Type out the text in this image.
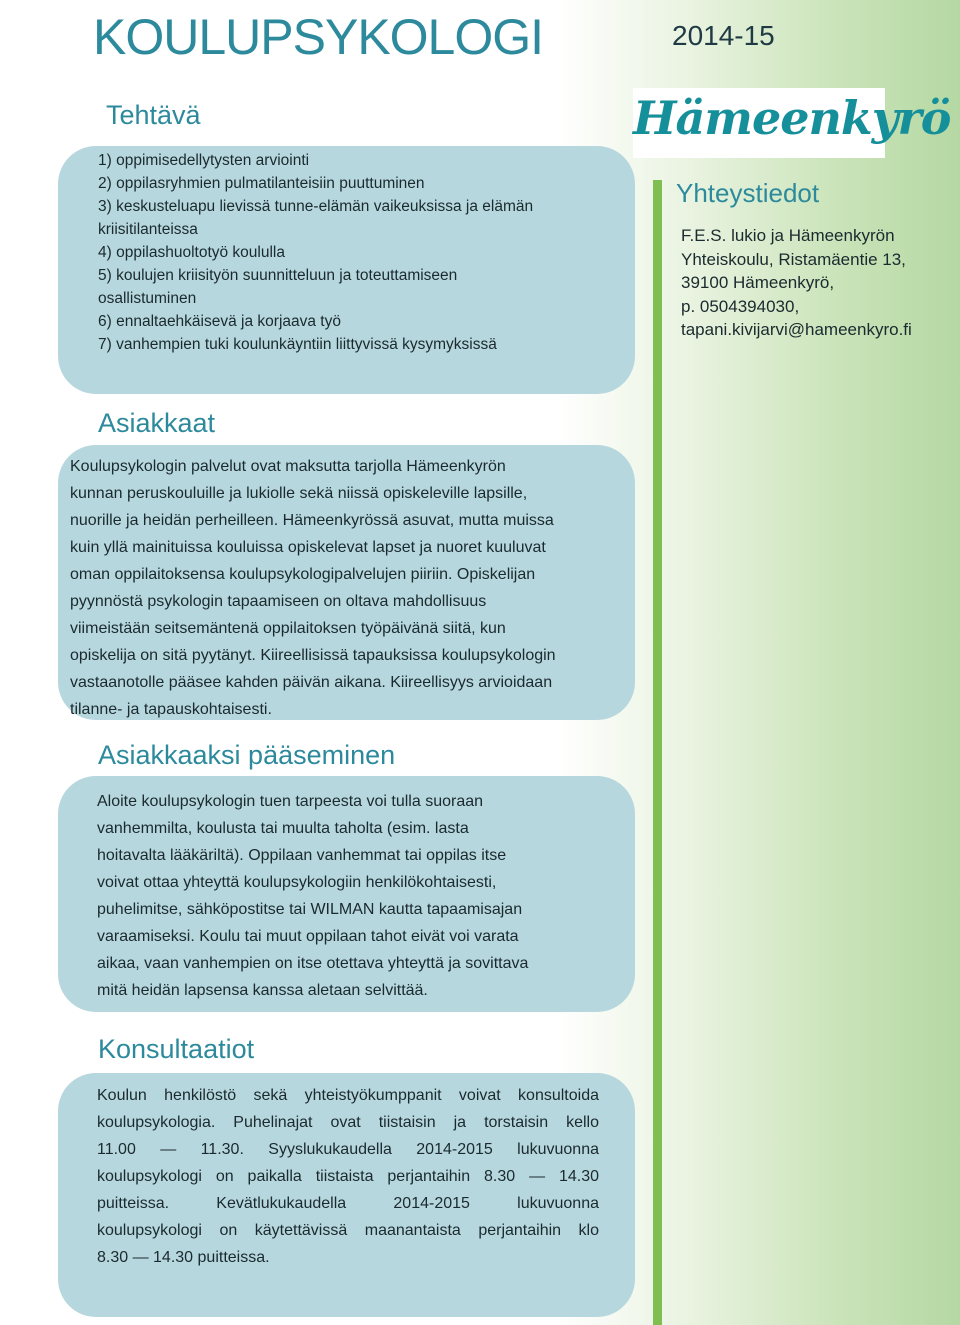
KOULUPSYKOLOGI	2014-15
Hämeenkyrö
Tehtävä
1) oppimisedellytysten arviointi
2) oppilasryhmien pulmatilanteisiin puuttuminen
3) keskusteluapu lievissä tunne-elämän vaikeuksissa ja elämän
kriisitilanteissa
4) oppilashuoltotyö koululla
5) koulujen kriisityön suunnitteluun ja toteuttamiseen
osallistuminen
6) ennaltaehkäisevä ja korjaava työ
7) vanhempien tuki koulunkäyntiin liittyvissä kysymyksissä
Yhteystiedot
F.E.S. lukio ja Hämeenkyrön
Yhteiskoulu, Ristamäentie 13,
39100 Hämeenkyrö,
p. 0504394030,
tapani.kivijarvi@hameenkyro.fi
Asiakkaat
Koulupsykologin palvelut ovat maksutta tarjolla Hämeenkyrön
kunnan peruskouluille ja lukiolle sekä niissä opiskeleville lapsille,
nuorille ja heidän perheilleen. Hämeenkyrössä asuvat, mutta muissa
kuin yllä mainituissa kouluissa opiskelevat lapset ja nuoret kuuluvat
oman oppilaitoksensa koulupsykologipalvelujen piiriin. Opiskelijan
pyynnöstä psykologin tapaamiseen on oltava mahdollisuus
viimeistään seitsemäntenä oppilaitoksen työpäivänä siitä, kun
opiskelija on sitä pyytänyt. Kiireellisissä tapauksissa koulupsykologin
vastaanotolle pääsee kahden päivän aikana. Kiireellisyys arvioidaan
tilanne- ja tapauskohtaisesti.
Asiakkaaksi pääseminen
Aloite koulupsykologin tuen tarpeesta voi tulla suoraan
vanhemmilta, koulusta tai muulta taholta (esim. lasta
hoitavalta lääkäriltä). Oppilaan vanhemmat tai oppilas itse
voivat ottaa yhteyttä koulupsykologiin henkilökohtaisesti,
puhelimitse, sähköpostitse tai WILMAN kautta tapaamisajan
varaamiseksi. Koulu tai muut oppilaan tahot eivät voi varata
aikaa, vaan vanhempien on itse otettava yhteyttä ja sovittava
mitä heidän lapsensa kanssa aletaan selvittää.
Konsultaatiot
Koulun henkilöstö sekä yhteistyökumppanit voivat konsultoida
koulupsykologia. Puhelinajat ovat tiistaisin ja torstaisin kello
11.00 — 11.30. Syyslukukaudella 2014-2015 lukuvuonna
koulupsykologi on paikalla tiistaista perjantaihin 8.30 — 14.30
puitteissa. Kevätlukukaudella 2014-2015 lukuvuonna
koulupsykologi on käytettävissä maanantaista perjantaihin klo
8.30 — 14.30 puitteissa.
